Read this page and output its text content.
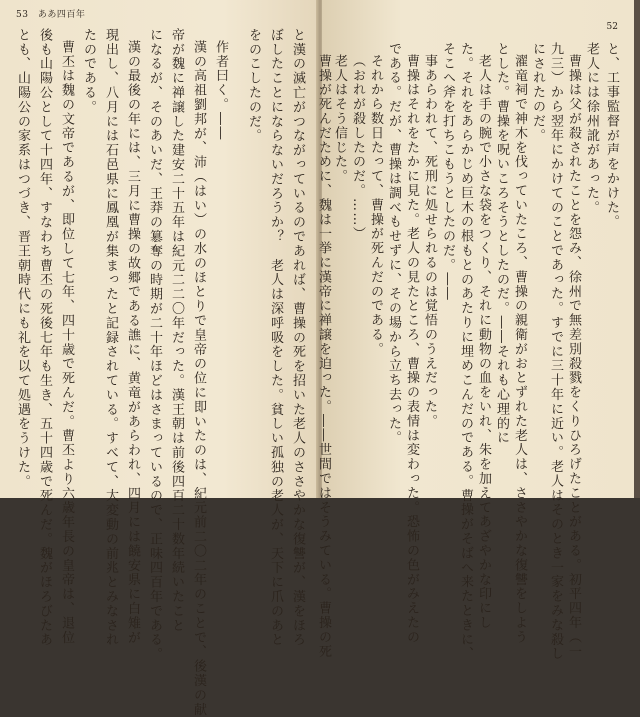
53 ああ四百年
と漢の滅亡がつながっているのであれば、曹操の死を招いた老人のささやかな復讐が、漢をほろ
ぼしたことにならないだろうか？　老人は深呼吸をした。貧しい孤独の老人が、天下に爪のあと
をのこしたのだ。
作者曰く。――
漢の高祖劉邦が、沛（はい）の水のほとりで皇帝の位に即いたのは、紀元前二〇二年のことで、後漢の献
帝が魏に禅譲した建安二十五年は紀元二二〇年だった。漢王朝は前後四百二十数年続いたこと
になるが、そのあいだ、王莽の簒奪の時期が二十年ほどはさまっているので、正味四百年である。
漢の最後の年には、三月に曹操の故郷である譙に、黄竜があらわれ、四月には饒安県に白雉が
現出し、八月には石邑県に鳳凰が集まったと記録されている。すべて、大変動の前兆とみなされ
たのである。
曹丕は魏の文帝であるが、即位して七年、四十歳で死んだ。曹丕より六歳年長の皇帝は、退位
後も山陽公として十四年、すなわち曹丕の死後七年も生き、五十四歳で死んだ。魏がほろびたあ
とも、山陽公の家系はつづき、晋王朝時代にも礼を以て処遇をうけた。
52
と、工事監督が声をかけた。
老人には徐州訛があった。
曹操は父が殺されたことを怨み、徐州で無差別殺戮をくりひろげたことがある。初平四年（一
九三）から翌年にかけてのことであった。すでに三十年に近い。老人はそのとき一家をみな殺し
にされたのだ。
濯竜祠で神木を伐っていたころ、曹操の親衛がおとずれた老人は、ささやかな復讐をしよう
とした。曹操を呪いころそうとしたのだ。――それも心理的に
老人は手の腕で小さな袋をつくり、それに動物の血をいれ、朱を加えてあざやかな印にし
た。それをあらかじめ巨木の根もとのあたりに埋めこんだのである。曹操がそばへ来たときに、
そこへ斧を打ちこもうとしたのだ。――
事あらわれて、死刑に処せられるのは覚悟のうえだった。
曹操はそれをたかに見た。老人の見たところ、曹操の表情は変わった。恐怖の色がみえたの
である。だが、曹操は調べもせずに、その場から立ち去った。
それから数日たって、曹操が死んだのである。
（おれが殺したのだ。……）
老人はそう信じた。
曹操が死んだために、魏は一挙に漢帝に禅譲を迫った。――世間ではそうみている。曹操の死
